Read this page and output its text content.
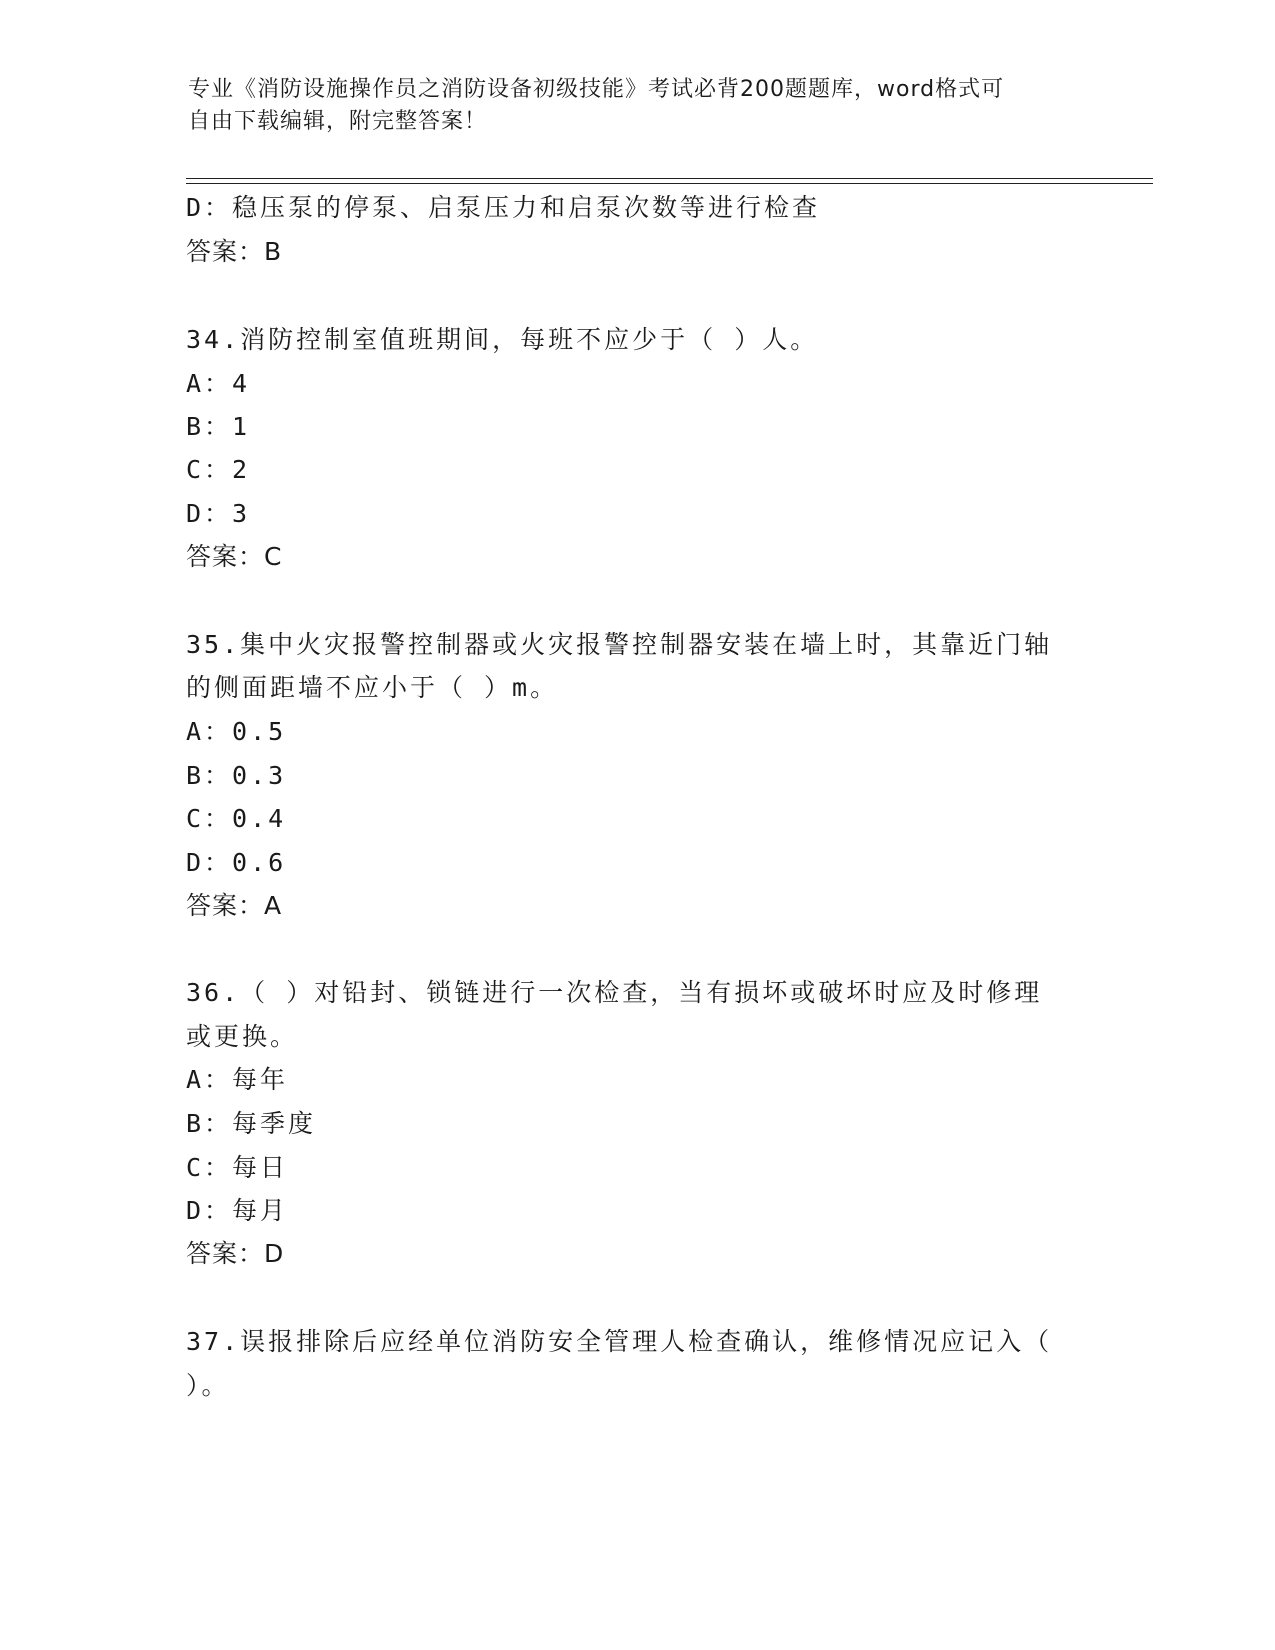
专业《消防设施操作员之消防设备初级技能》考试必背200题题库，word格式可
自由下载编辑，附完整答案！
D：稳压泵的停泵、启泵压力和启泵次数等进行检查
答案：B
34.消防控制室值班期间，每班不应少于（ ）人。
A：4
B：1
C：2
D：3
答案：C
35.集中火灾报警控制器或火灾报警控制器安装在墙上时，其靠近门轴
的侧面距墙不应小于（ ）m。
A：0.5
B：0.3
C：0.4
D：0.6
答案：A
36.（ ）对铅封、锁链进行一次检查，当有损坏或破坏时应及时修理
或更换。
A：每年
B：每季度
C：每日
D：每月
答案：D
37.误报排除后应经单位消防安全管理人检查确认，维修情况应记入（
）。
